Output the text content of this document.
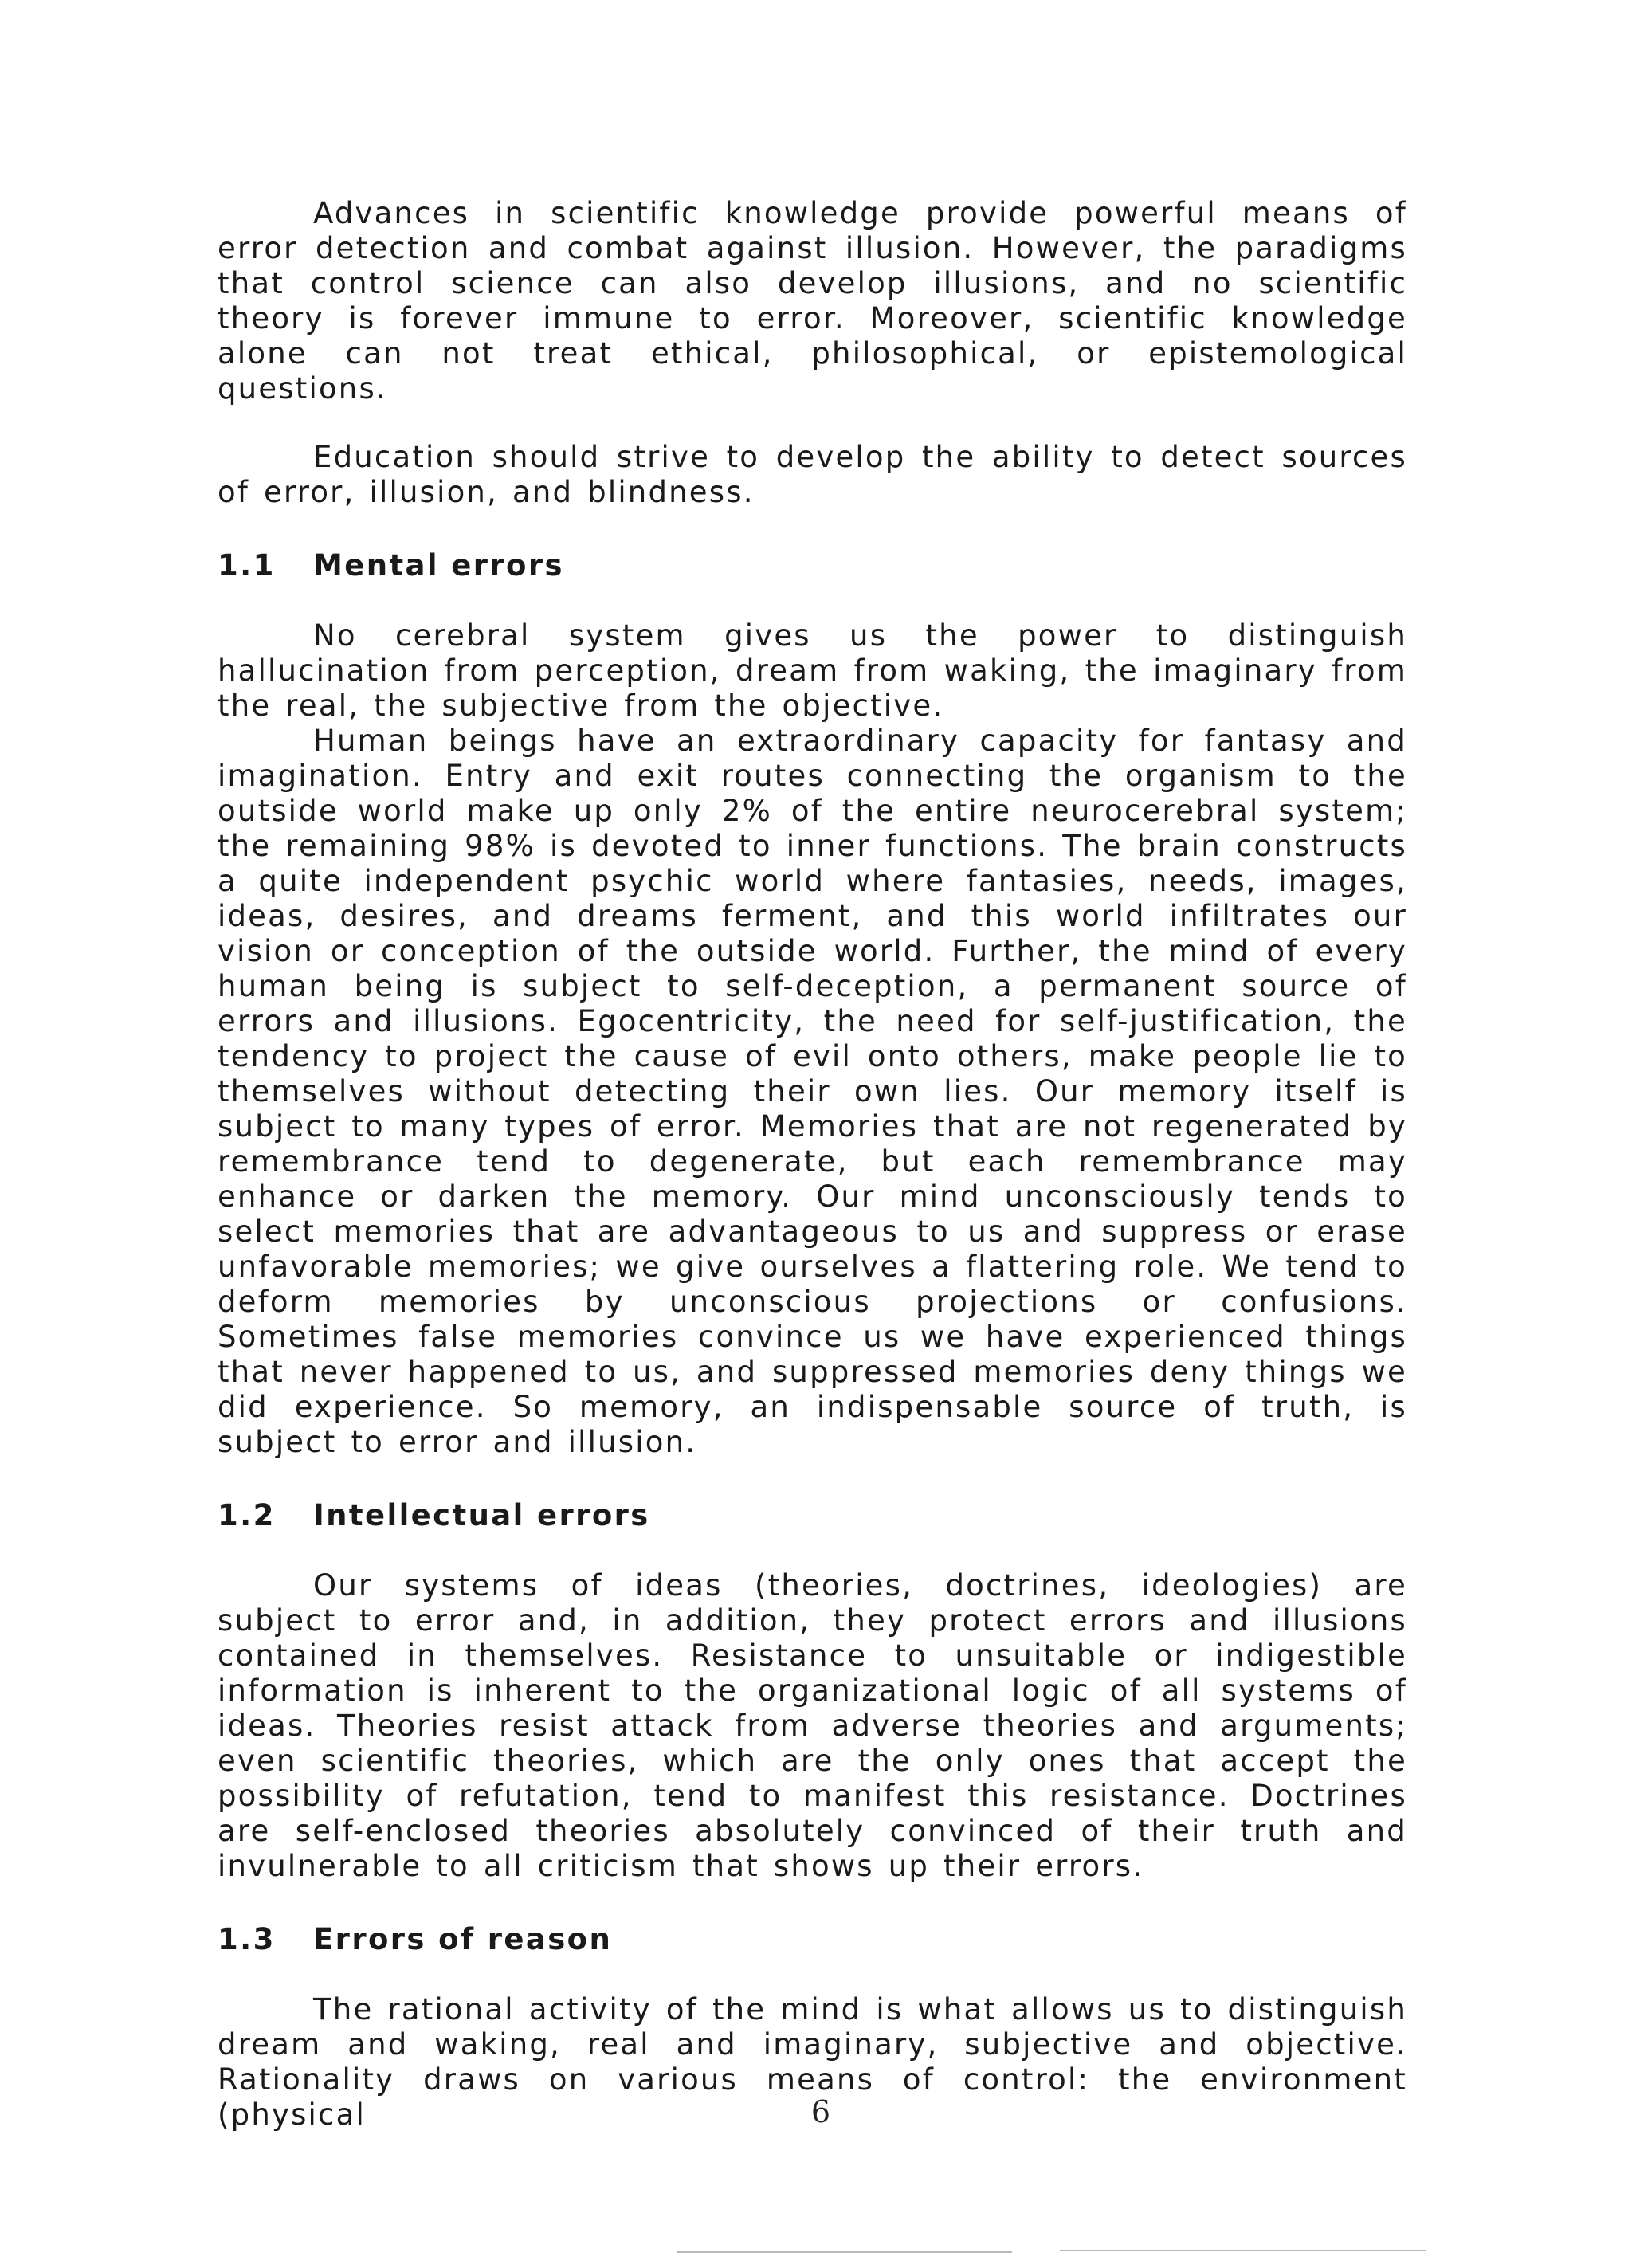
Advances in scientific knowledge provide powerful means of error detection and combat against illusion. However, the paradigms that control science can also develop illusions, and no scientific theory is forever immune to error. Moreover, scientific knowledge alone can not treat ethical, philosophical, or epistemological questions.

Education should strive to develop the ability to detect sources of error, illusion, and blindness.

1.1	Mental errors

No cerebral system gives us the power to distinguish hallucination from perception, dream from waking, the imaginary from the real, the subjective from the objective.

Human beings have an extraordinary capacity for fantasy and imagination. Entry and exit routes connecting the organism to the outside world make up only 2% of the entire neurocerebral system; the remaining 98% is devoted to inner functions. The brain constructs a quite independent psychic world where fantasies, needs, images, ideas, desires, and dreams ferment, and this world infiltrates our vision or conception of the outside world. Further, the mind of every human being is subject to self-deception, a permanent source of errors and illusions. Egocentricity, the need for self-justification, the tendency to project the cause of evil onto others, make people lie to themselves without detecting their own lies. Our memory itself is subject to many types of error. Memories that are not regenerated by remembrance tend to degenerate, but each remembrance may enhance or darken the memory. Our mind unconsciously tends to select memories that are advantageous to us and suppress or erase unfavorable memories; we give ourselves a flattering role. We tend to deform memories by unconscious projections or confusions. Sometimes false memories convince us we have experienced things that never happened to us, and suppressed memories deny things we did experience. So memory, an indispensable source of truth, is subject to error and illusion.

1.2	Intellectual errors

Our systems of ideas (theories, doctrines, ideologies) are subject to error and, in addition, they protect errors and illusions contained in themselves. Resistance to unsuitable or indigestible information is inherent to the organizational logic of all systems of ideas. Theories resist attack from adverse theories and arguments; even scientific theories, which are the only ones that accept the possibility of refutation, tend to manifest this resistance. Doctrines are self-enclosed theories absolutely convinced of their truth and invulnerable to all criticism that shows up their errors.

1.3	Errors of reason

The rational activity of the mind is what allows us to distinguish dream and waking, real and imaginary, subjective and objective. Rationality draws on various means of control: the environment (physical	6
